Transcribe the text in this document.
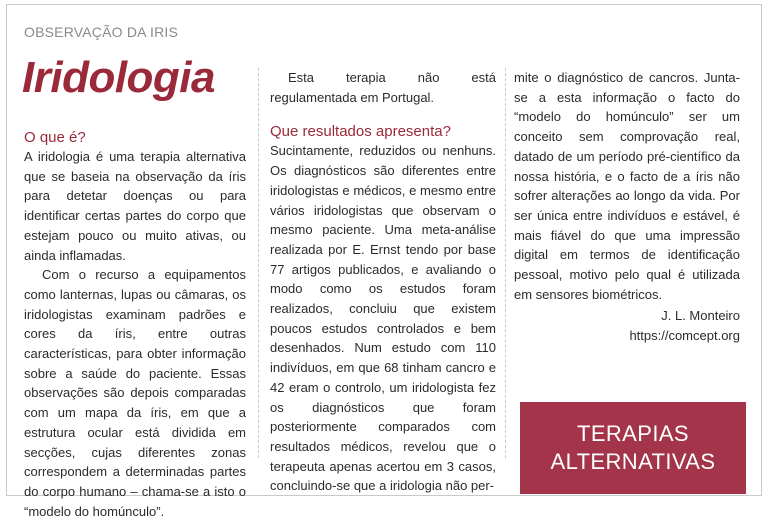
OBSERVAÇÃO DA IRIS
Iridologia
O que é?

A iridologia é uma terapia alternativa que se baseia na observação da íris para detetar doenças ou para identificar certas partes do corpo que estejam pouco ou muito ativas, ou ainda inflamadas.

Com o recurso a equipamentos como lanternas, lupas ou câmaras, os iridologistas examinam padrões e cores da íris, entre outras características, para obter informação sobre a saúde do paciente. Essas observações são depois comparadas com um mapa da íris, em que a estrutura ocular está dividida em secções, cujas diferentes zonas correspondem a determinadas partes do corpo humano – chama-se a isto o “modelo do homúnculo”.

Esta terapia não está regulamentada em Portugal.

Que resultados apresenta?

Sucintamente, reduzidos ou nenhuns. Os diagnósticos são diferentes entre iridologistas e médicos, e mesmo entre vários iridologistas que observam o mesmo paciente. Uma meta-análise realizada por E. Ernst tendo por base 77 artigos publicados, e avaliando o modo como os estudos foram realizados, concluiu que existem poucos estudos controlados e bem desenhados. Num estudo com 110 indivíduos, em que 68 tinham cancro e 42 eram o controlo, um iridologista fez os diagnósticos que foram posteriormente comparados com resultados médicos, revelou que o terapeuta apenas acertou em 3 casos, concluindo-se que a iridologia não per-

mite o diagnóstico de cancros. Junta-se a esta informação o facto do “modelo do homúnculo” ser um conceito sem comprovação real, datado de um período pré-científico da nossa história, e o facto de a íris não sofrer alterações ao longo da vida. Por ser única entre indivíduos e estável, é mais fiável do que uma impressão digital em termos de identificação pessoal, motivo pelo qual é utilizada em sensores biométricos.

J. L. Monteiro
https://comcept.org
TERAPIAS
ALTERNATIVAS
